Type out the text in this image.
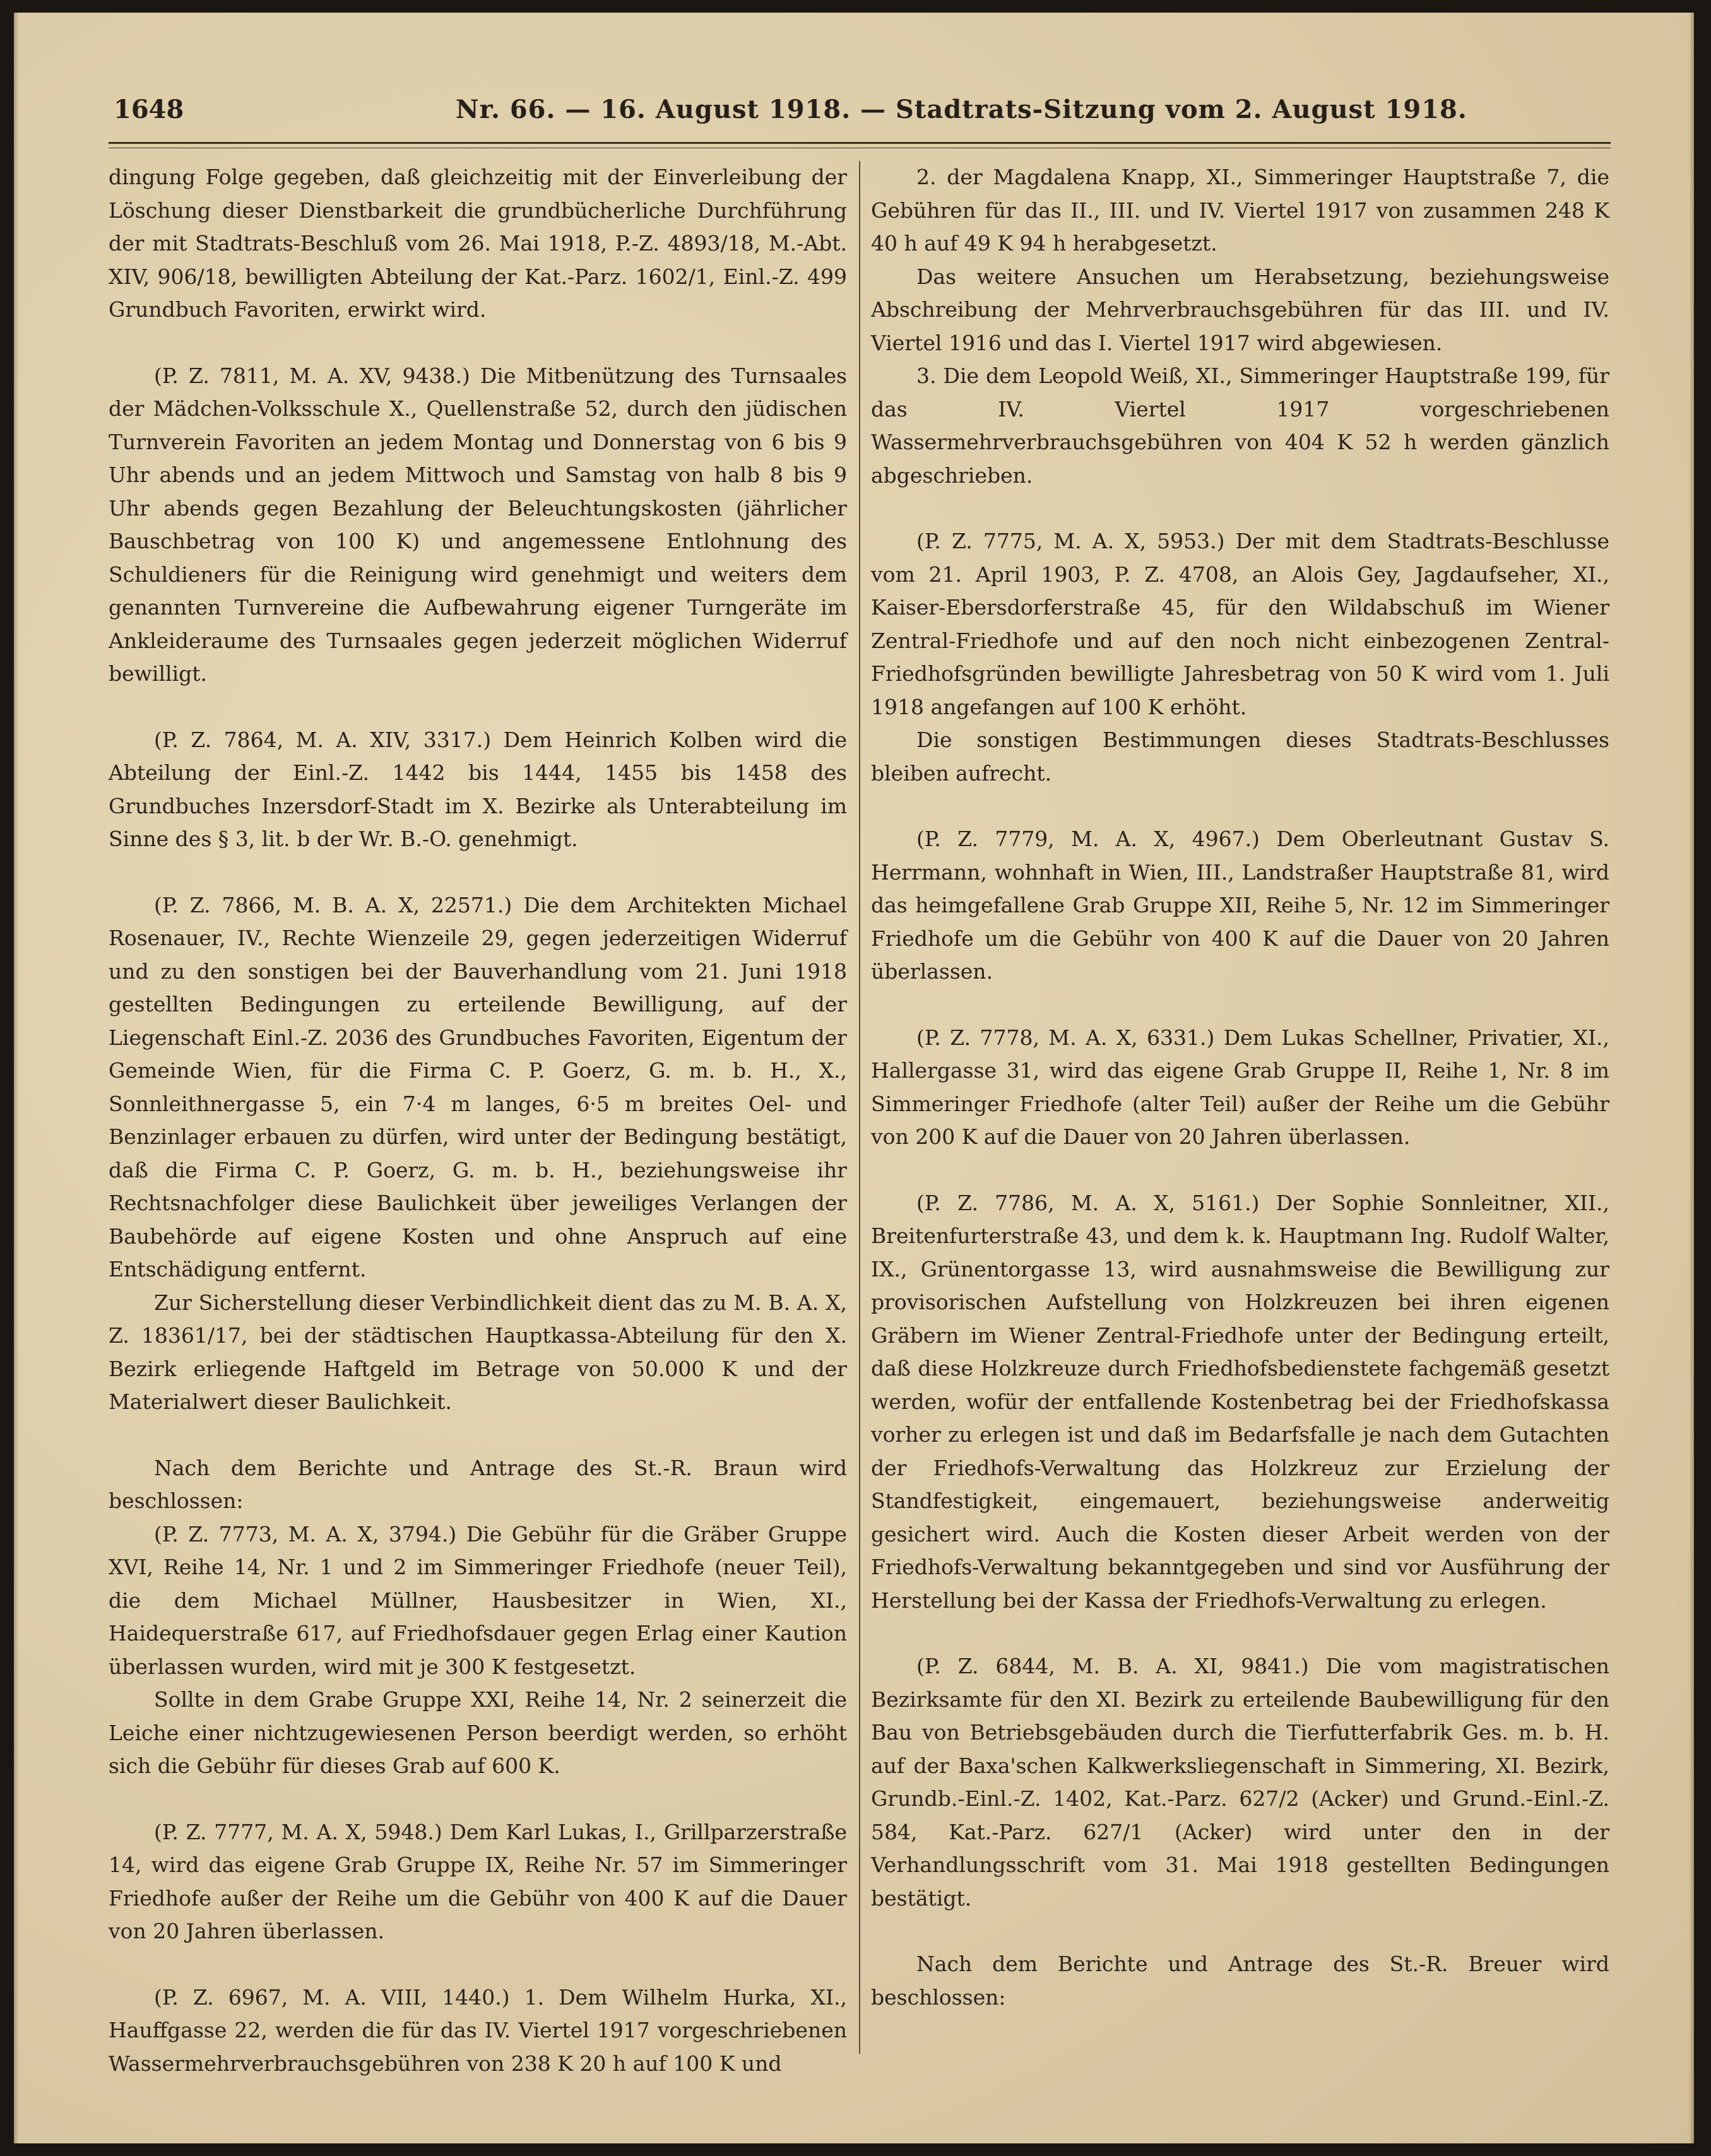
1648	Nr. 66. — 16. August 1918. — Stadtrats-Sitzung vom 2. August 1918.

dingung Folge gegeben, daß gleichzeitig mit der Einverleibung der Löschung dieser Dienstbarkeit die grundbücherliche Durchführung der mit Stadtrats-Beschluß vom 26. Mai 1918, P.-Z. 4893/18, M.-Abt. XIV, 906/18, bewilligten Abteilung der Kat.-Parz. 1602/1, Einl.-Z. 499 Grundbuch Favoriten, erwirkt wird.

(P. Z. 7811, M. A. XV, 9438.) Die Mitbenützung des Turnsaales der Mädchen-Volksschule X., Quellenstraße 52, durch den jüdischen Turnverein Favoriten an jedem Montag und Donnerstag von 6 bis 9 Uhr abends und an jedem Mittwoch und Samstag von halb 8 bis 9 Uhr abends gegen Bezahlung der Beleuchtungskosten (jährlicher Bauschbetrag von 100 K) und angemessene Entlohnung des Schuldieners für die Reinigung wird genehmigt und weiters dem genannten Turnvereine die Aufbewahrung eigener Turngeräte im Ankleideraume des Turnsaales gegen jederzeit möglichen Widerruf bewilligt.

(P. Z. 7864, M. A. XIV, 3317.) Dem Heinrich Kolben wird die Abteilung der Einl.-Z. 1442 bis 1444, 1455 bis 1458 des Grundbuches Inzersdorf-Stadt im X. Bezirke als Unterabteilung im Sinne des § 3, lit. b der Wr. B.-O. genehmigt.

(P. Z. 7866, M. B. A. X, 22571.) Die dem Architekten Michael Rosenauer, IV., Rechte Wienzeile 29, gegen jederzeitigen Widerruf und zu den sonstigen bei der Bauverhandlung vom 21. Juni 1918 gestellten Bedingungen zu erteilende Bewilligung, auf der Liegenschaft Einl.-Z. 2036 des Grundbuches Favoriten, Eigentum der Gemeinde Wien, für die Firma C. P. Goerz, G. m. b. H., X., Sonnleithnergasse 5, ein 7·4 m langes, 6·5 m breites Oel- und Benzinlager erbauen zu dürfen, wird unter der Bedingung bestätigt, daß die Firma C. P. Goerz, G. m. b. H., beziehungsweise ihr Rechtsnachfolger diese Baulichkeit über jeweiliges Verlangen der Baubehörde auf eigene Kosten und ohne Anspruch auf eine Entschädigung entfernt.

Zur Sicherstellung dieser Verbindlichkeit dient das zu M. B. A. X, Z. 18361/17, bei der städtischen Hauptkassa-Abteilung für den X. Bezirk erliegende Haftgeld im Betrage von 50.000 K und der Materialwert dieser Baulichkeit.

Nach dem Berichte und Antrage des St.-R. Braun wird beschlossen:

(P. Z. 7773, M. A. X, 3794.) Die Gebühr für die Gräber Gruppe XVI, Reihe 14, Nr. 1 und 2 im Simmeringer Friedhofe (neuer Teil), die dem Michael Müllner, Hausbesitzer in Wien, XI., Haidequerstraße 617, auf Friedhofsdauer gegen Erlag einer Kaution überlassen wurden, wird mit je 300 K festgesetzt.

Sollte in dem Grabe Gruppe XXI, Reihe 14, Nr. 2 seinerzeit die Leiche einer nichtzugewiesenen Person beerdigt werden, so erhöht sich die Gebühr für dieses Grab auf 600 K.

(P. Z. 7777, M. A. X, 5948.) Dem Karl Lukas, I., Grillparzerstraße 14, wird das eigene Grab Gruppe IX, Reihe Nr. 57 im Simmeringer Friedhofe außer der Reihe um die Gebühr von 400 K auf die Dauer von 20 Jahren überlassen.

(P. Z. 6967, M. A. VIII, 1440.) 1. Dem Wilhelm Hurka, XI., Hauffgasse 22, werden die für das IV. Viertel 1917 vorgeschriebenen Wassermehrverbrauchsgebühren von 238 K 20 h auf 100 K und

2. der Magdalena Knapp, XI., Simmeringer Hauptstraße 7, die Gebühren für das II., III. und IV. Viertel 1917 von zusammen 248 K 40 h auf 49 K 94 h herabgesetzt.

Das weitere Ansuchen um Herabsetzung, beziehungsweise Abschreibung der Mehrverbrauchsgebühren für das III. und IV. Viertel 1916 und das I. Viertel 1917 wird abgewiesen.

3. Die dem Leopold Weiß, XI., Simmeringer Hauptstraße 199, für das IV. Viertel 1917 vorgeschriebenen Wassermehrverbrauchsgebühren von 404 K 52 h werden gänzlich abgeschrieben.

(P. Z. 7775, M. A. X, 5953.) Der mit dem Stadtrats-Beschlusse vom 21. April 1903, P. Z. 4708, an Alois Gey, Jagdaufseher, XI., Kaiser-Ebersdorferstraße 45, für den Wildabschuß im Wiener Zentral-Friedhofe und auf den noch nicht einbezogenen Zentral-Friedhofsgründen bewilligte Jahresbetrag von 50 K wird vom 1. Juli 1918 angefangen auf 100 K erhöht.

Die sonstigen Bestimmungen dieses Stadtrats-Beschlusses bleiben aufrecht.

(P. Z. 7779, M. A. X, 4967.) Dem Oberleutnant Gustav S. Herrmann, wohnhaft in Wien, III., Landstraßer Hauptstraße 81, wird das heimgefallene Grab Gruppe XII, Reihe 5, Nr. 12 im Simmeringer Friedhofe um die Gebühr von 400 K auf die Dauer von 20 Jahren überlassen.

(P. Z. 7778, M. A. X, 6331.) Dem Lukas Schellner, Privatier, XI., Hallergasse 31, wird das eigene Grab Gruppe II, Reihe 1, Nr. 8 im Simmeringer Friedhofe (alter Teil) außer der Reihe um die Gebühr von 200 K auf die Dauer von 20 Jahren überlassen.

(P. Z. 7786, M. A. X, 5161.) Der Sophie Sonnleitner, XII., Breitenfurterstraße 43, und dem k. k. Hauptmann Ing. Rudolf Walter, IX., Grünentorgasse 13, wird ausnahmsweise die Bewilligung zur provisorischen Aufstellung von Holzkreuzen bei ihren eigenen Gräbern im Wiener Zentral-Friedhofe unter der Bedingung erteilt, daß diese Holzkreuze durch Friedhofsbedienstete fachgemäß gesetzt werden, wofür der entfallende Kostenbetrag bei der Friedhofskassa vorher zu erlegen ist und daß im Bedarfsfalle je nach dem Gutachten der Friedhofs-Verwaltung das Holzkreuz zur Erzielung der Standfestigkeit, eingemauert, beziehungsweise anderweitig gesichert wird. Auch die Kosten dieser Arbeit werden von der Friedhofs-Verwaltung bekanntgegeben und sind vor Ausführung der Herstellung bei der Kassa der Friedhofs-Verwaltung zu erlegen.

(P. Z. 6844, M. B. A. XI, 9841.) Die vom magistratischen Bezirksamte für den XI. Bezirk zu erteilende Baubewilligung für den Bau von Betriebsgebäuden durch die Tierfutterfabrik Ges. m. b. H. auf der Baxa'schen Kalkwerksliegenschaft in Simmering, XI. Bezirk, Grundb.-Einl.-Z. 1402, Kat.-Parz. 627/2 (Acker) und Grund.-Einl.-Z. 584, Kat.-Parz. 627/1 (Acker) wird unter den in der Verhandlungsschrift vom 31. Mai 1918 gestellten Bedingungen bestätigt.

Nach dem Berichte und Antrage des St.-R. Breuer wird beschlossen:
